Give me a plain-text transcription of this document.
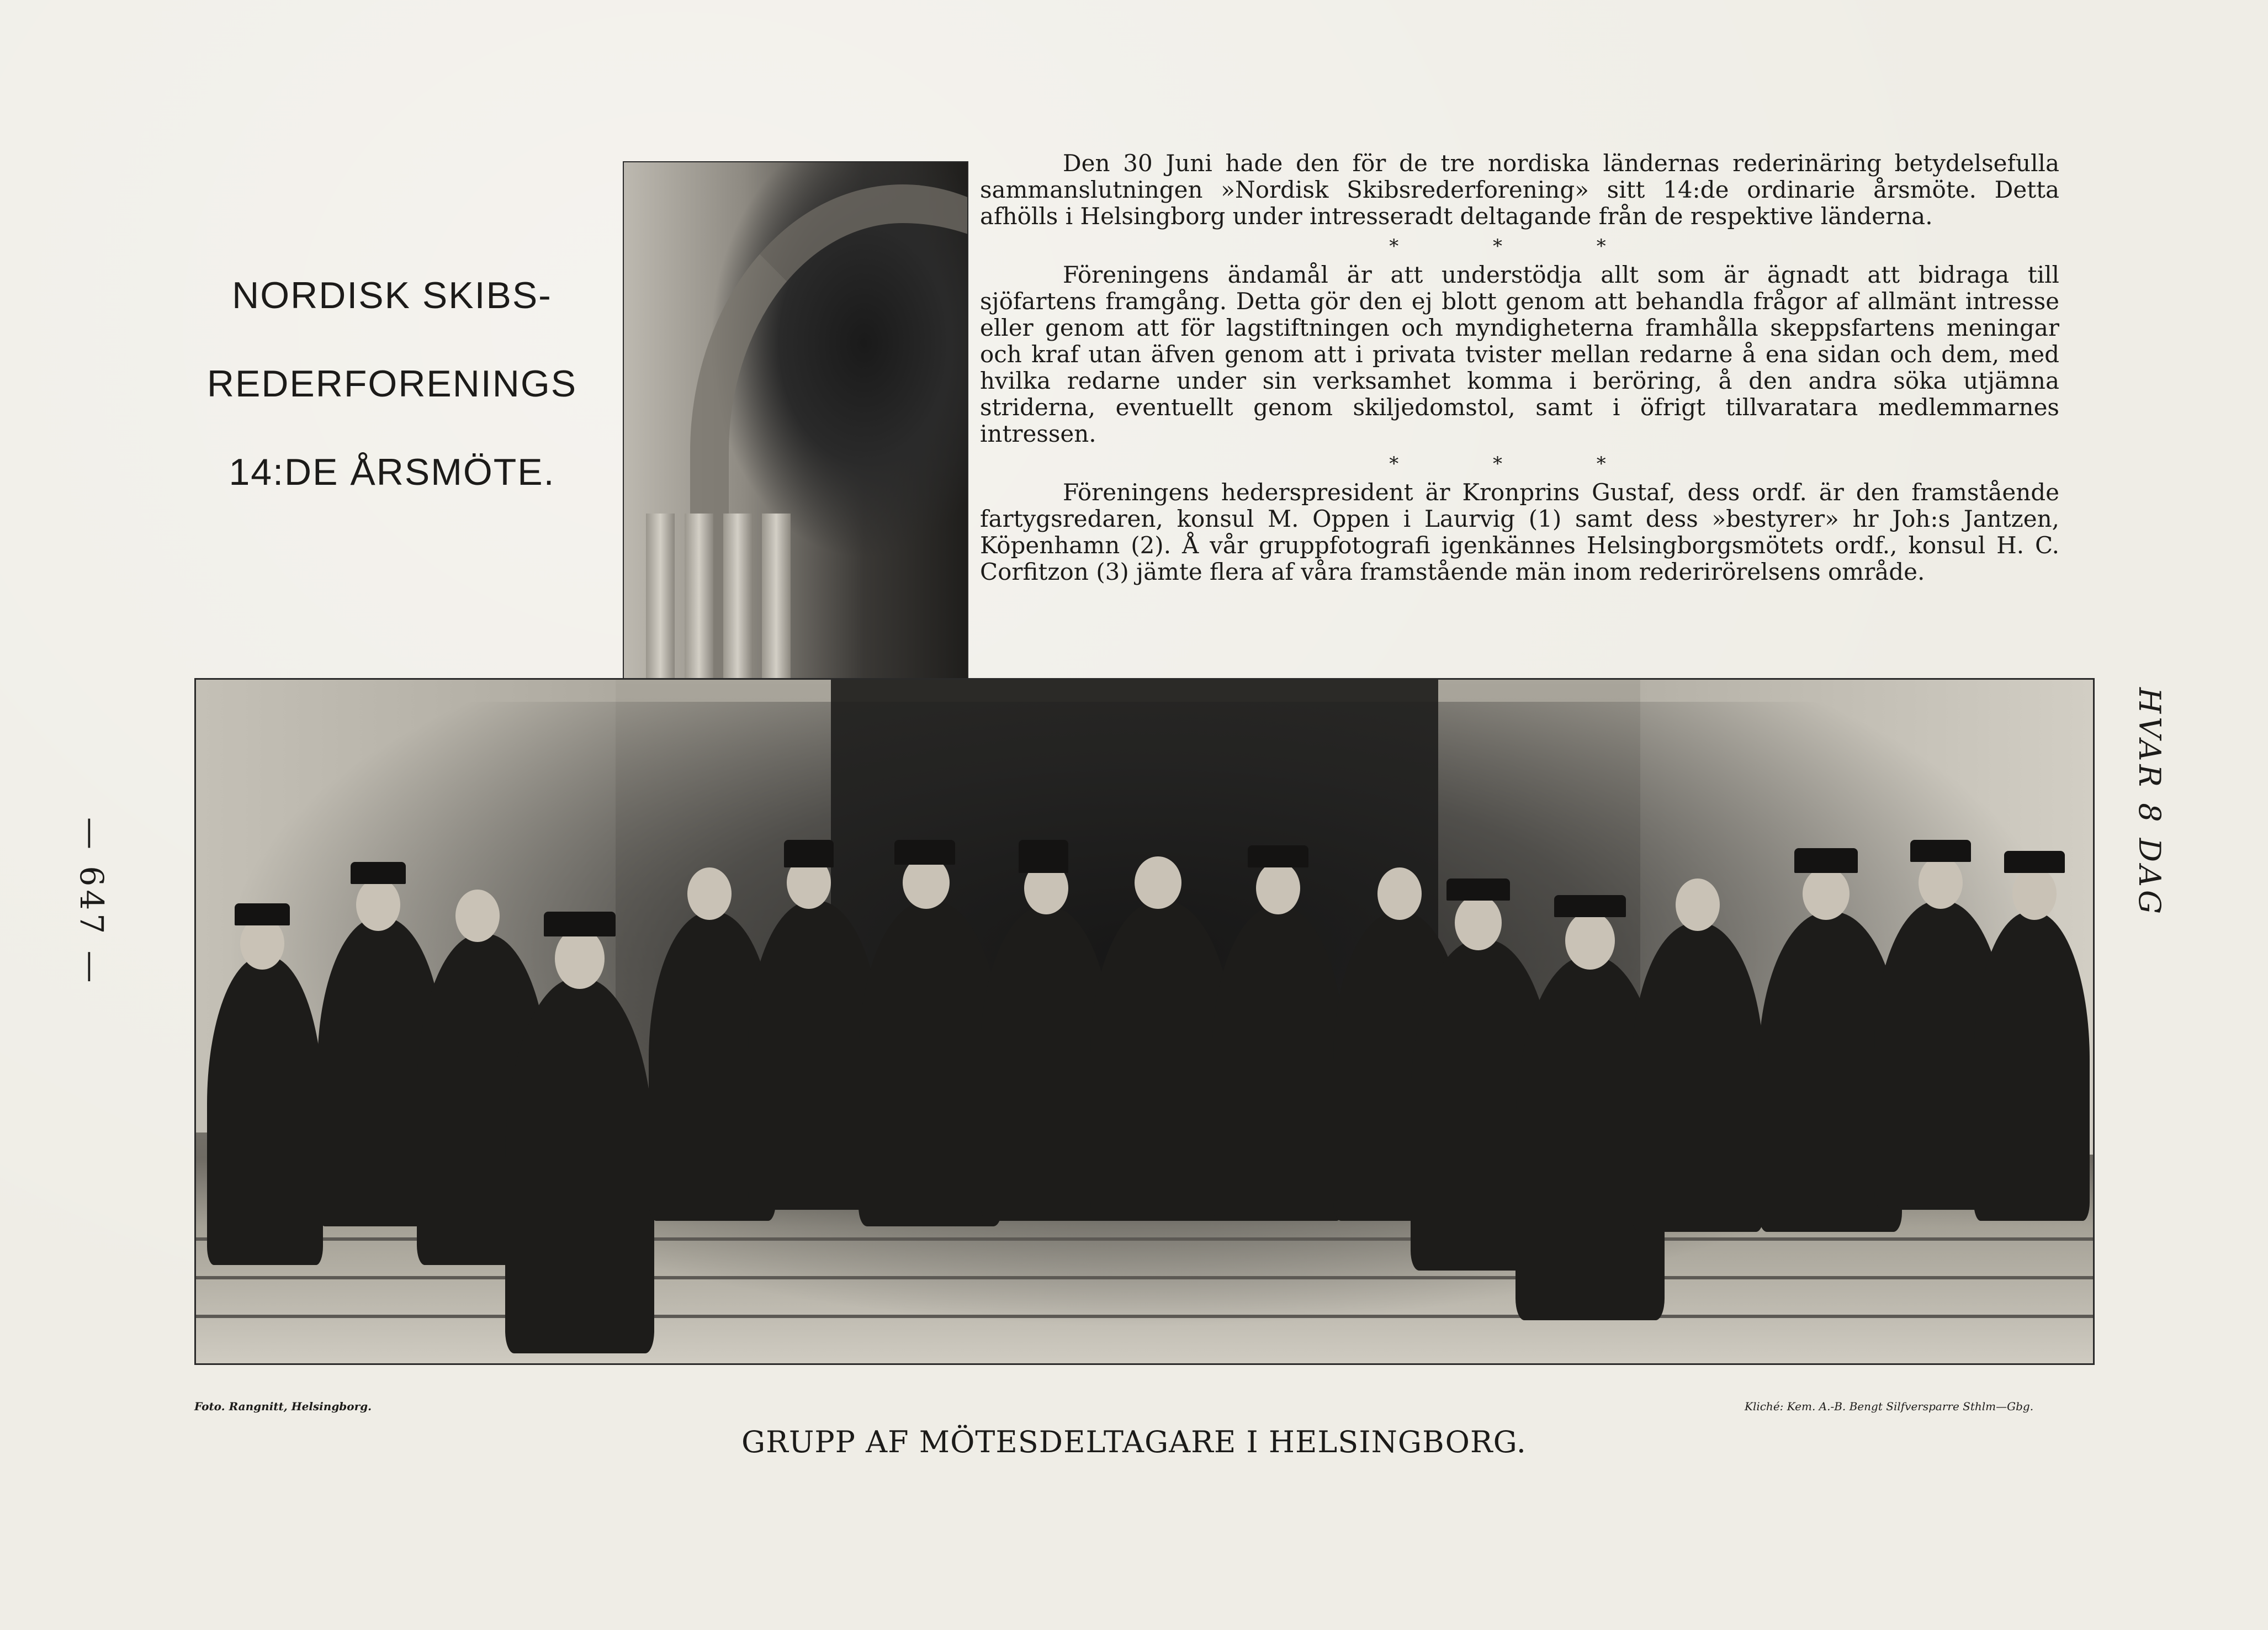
— 647 —	HVAR 8 DAG
NORDISK SKIBS-
REDERFORENINGS
14:DE ÅRSMÖTE.

Den 30 Juni hade den för de tre nordiska ländernas rederinäring betydelsefulla sammanslutningen »Nordisk Skibsrederforening» sitt 14:de ordinarie årsmöte. Detta afhölls i Helsingborg under intresseradt deltagande från de respektive länderna.

* * *

Föreningens ändamål är att understödja allt som är ägnadt att bidraga till sjöfartens framgång. Detta gör den ej blott genom att behandla frågor af allmänt intresse eller genom att för lagstiftningen och myndigheterna framhålla skeppsfartens meningar och kraf utan äfven genom att i privata tvister mellan redarne å ena sidan och dem, med hvilka redarne under sin verksamhet komma i beröring, å den andra söka utjämna striderna, eventuellt genom skiljedomstol, samt i öfrigt tillvaratага medlemmarnes intressen.

* * *

Föreningens hederspresident är Kronprins Gustaf, dess ordf. är den framstående fartygsredaren, konsul M. Oppen i Laurvig (1) samt dess »bestyrer» hr Joh:s Jantzen, Köpenhamn (2). Å vår gruppfotografi igenkännes Helsingborgsmötets ordf., konsul H. C. Corfitzon (3) jämte flera af våra framstående män inom rederirörelsens område.

Foto. Rangnitt, Helsingborg.	Kliché: Kem. A.-B. Bengt Silfversparre Sthlm—Gbg.
GRUPP AF MÖTESDELTAGARE I HELSINGBORG.
